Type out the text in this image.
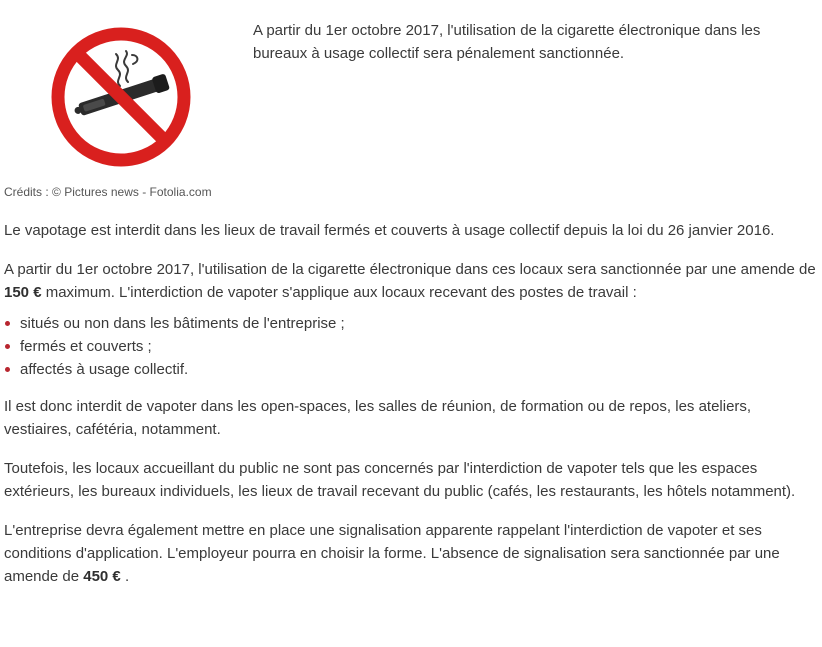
A partir du 1er octobre 2017, l'utilisation de la cigarette électronique dans les bureaux à usage collectif sera pénalement sanctionnée.

Crédits : © Pictures news - Fotolia.com

Le vapotage est interdit dans les lieux de travail fermés et couverts à usage collectif depuis la loi du 26 janvier 2016.

A partir du 1er octobre 2017, l'utilisation de la cigarette électronique dans ces locaux sera sanctionnée par une amende de 150 € maximum. L'interdiction de vapoter s'applique aux locaux recevant des postes de travail :

situés ou non dans les bâtiments de l'entreprise ;
fermés et couverts ;
affectés à usage collectif.

Il est donc interdit de vapoter dans les open-spaces, les salles de réunion, de formation ou de repos, les ateliers, vestiaires, cafétéria, notamment.

Toutefois, les locaux accueillant du public ne sont pas concernés par l'interdiction de vapoter tels que les espaces extérieurs, les bureaux individuels, les lieux de travail recevant du public (cafés, les restaurants, les hôtels notamment).

L'entreprise devra également mettre en place une signalisation apparente rappelant l'interdiction de vapoter et ses conditions d'application. L'employeur pourra en choisir la forme. L'absence de signalisation sera sanctionnée par une amende de 450 € .
